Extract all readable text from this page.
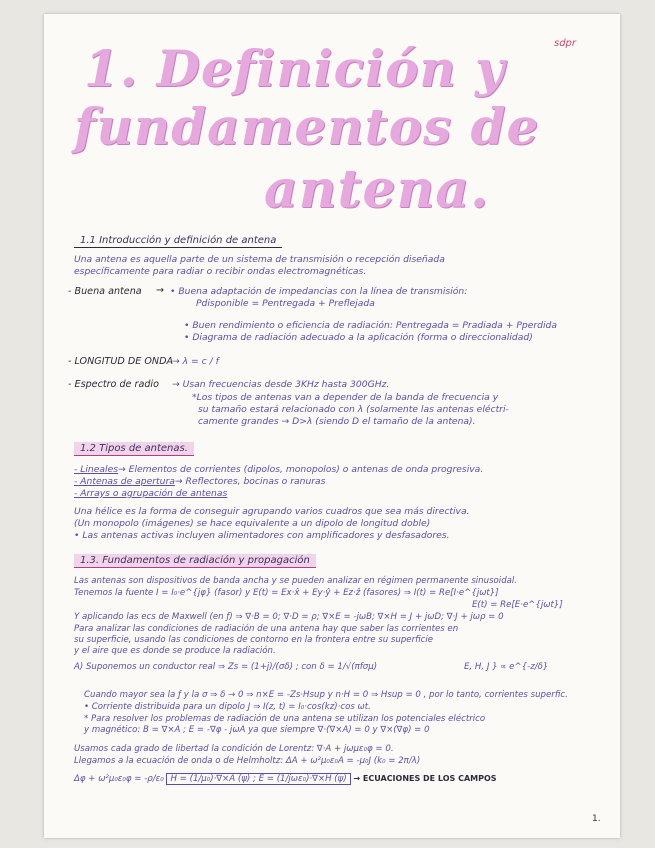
sdpr
1. Definición y
fundamentos de
antena.
1.1 Introducción y definición de antena
Una antena es aquella parte de un sistema de transmisión o recepción diseñada
específicamente para radiar o recibir ondas electromagnéticas.
- Buena antena → • Buena adaptación de impedancias con la línea de transmisión:
Pdisponible = Pentregada + Preflejada
• Buen rendimiento o eficiencia de radiación: Pentregada = Pradiada + Pperdida
• Diagrama de radiación adecuado a la aplicación (forma o direccionalidad)
- LONGITUD DE ONDA
→ λ = c / f
- Espectro de radio → Usan frecuencias desde 3KHz hasta 300GHz.
*Los tipos de antenas van a depender de la banda de frecuencia y
su tamaño estará relacionado con λ (solamente las antenas eléctri-
camente grandes → D>λ (siendo D el tamaño de la antena).
1.2 Tipos de antenas.
- Lineales→ Elementos de corrientes (dipolos, monopolos) o antenas de onda progresiva.
- Antenas de apertura→ Reflectores, bocinas o ranuras
- Arrays o agrupación de antenas
Una hélice es la forma de conseguir agrupando varios cuadros que sea más directiva.
(Un monopolo (imágenes) se hace equivalente a un dipolo de longitud doble)
• Las antenas activas incluyen alimentadores con amplificadores y desfasadores.
1.3. Fundamentos de radiación y propagación
Las antenas son dispositivos de banda ancha y se pueden analizar en régimen permanente sinusoidal.
Tenemos la fuente I = I₀·e^{jφ} (fasor) y E(t) = Ex·x̂ + Ey·ŷ + Ez·ẑ (fasores) ⇒ I(t) = Re[I·e^{jωt}]
E(t) = Re[E·e^{jωt}]
Y aplicando las ecs de Maxwell (en ƒ) ⇒ ∇·B = 0; ∇·D = ρ; ∇×E = -jωB; ∇×H = J + jωD; ∇·J + jωρ = 0
Para analizar las condiciones de radiación de una antena hay que saber las corrientes en
su superficie, usando las condiciones de contorno en la frontera entre su superficie
y el aire que es donde se produce la radiación.
A) Suponemos un conductor real ⇒ Zs = (1+j)/(σδ) ; con δ = 1/√(πfσμ)	E, H, J } ∝ e^{-z/δ}
Cuando mayor sea la ƒ y la σ ⇒ δ → 0 ⇒ n×E = -Zs·Hsup y n·H = 0 ⇒ Hsup = 0 , por lo tanto, corrientes superfic.
• Corriente distribuida para un dipolo J ⇒ I(z, t) = I₀·cos(kz)·cos ωt.
* Para resolver los problemas de radiación de una antena se utilizan los potenciales eléctrico
y magnético: B = ∇×A ; E = -∇φ - jωA ya que siempre ∇·(∇×A) = 0 y ∇×(∇φ) = 0
Usamos cada grado de libertad la condición de Lorentz: ∇·A + jωμε₀φ = 0.
Llegamos a la ecuación de onda o de Helmholtz: ΔA + ω²μ₀ε₀A = -μ₀J (k₀ = 2π/λ)
Δφ + ω²μ₀ε₀φ = -ρ/ε₀ H = (1/μ₀)·∇×A (ψ) ; E = (1/jωε₀)·∇×H (ψ) → ECUACIONES DE LOS CAMPOS
1.
